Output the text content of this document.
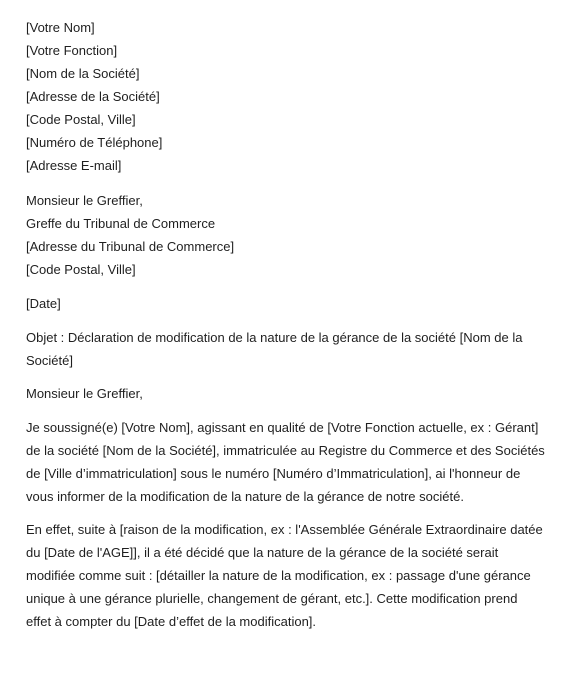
[Votre Nom]
[Votre Fonction]
[Nom de la Société]
[Adresse de la Société]
[Code Postal, Ville]
[Numéro de Téléphone]
[Adresse E-mail]
Monsieur le Greffier,
Greffe du Tribunal de Commerce
[Adresse du Tribunal de Commerce]
[Code Postal, Ville]
[Date]

Objet : Déclaration de modification de la nature de la gérance de la société [Nom de la Société]

Monsieur le Greffier,

Je soussigné(e) [Votre Nom], agissant en qualité de [Votre Fonction actuelle, ex : Gérant] de la société [Nom de la Société], immatriculée au Registre du Commerce et des Sociétés de [Ville d’immatriculation] sous le numéro [Numéro d’Immatriculation], ai l'honneur de vous informer de la modification de la nature de la gérance de notre société.

En effet, suite à [raison de la modification, ex : l'Assemblée Générale Extraordinaire datée du [Date de l'AGE]], il a été décidé que la nature de la gérance de la société serait modifiée comme suit : [détailler la nature de la modification, ex : passage d'une gérance unique à une gérance plurielle, changement de gérant, etc.]. Cette modification prend effet à compter du [Date d’effet de la modification].
